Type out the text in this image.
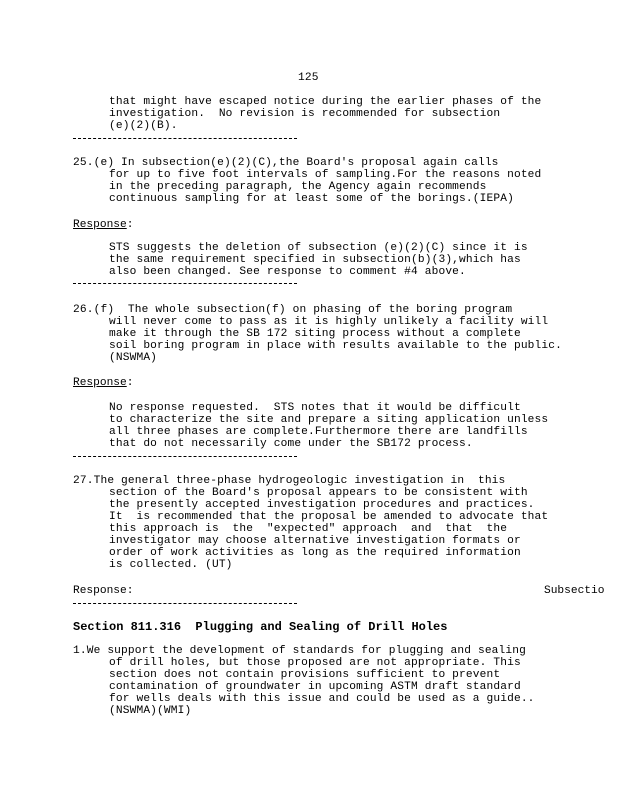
125
that might have escaped notice during the earlier phases of the
investigation.  No revision is recommended for subsection
(e)(2)(B).
25.(e) In subsection(e)(2)(C),the Board's proposal again calls
for up to five foot intervals of sampling.For the reasons noted
in the preceding paragraph, the Agency again recommends
continuous sampling for at least some of the borings.(IEPA)
Response:
STS suggests the deletion of subsection (e)(2)(C) since it is
the same requirement specified in subsection(b)(3),which has
also been changed. See response to comment #4 above.
26.(f)  The whole subsection(f) on phasing of the boring program
will never come to pass as it is highly unlikely a facility will
make it through the SB 172 siting process without a complete
soil boring program in place with results available to the public.
(NSWMA)
Response:
No response requested.  STS notes that it would be difficult
to characterize the site and prepare a siting application unless
all three phases are complete.Furthermore there are landfills
that do not necessarily come under the SB172 process.
27.The general three-phase hydrogeologic investigation in  this
section of the Board's proposal appears to be consistent with
the presently accepted investigation procedures and practices.
It  is recommended that the proposal be amended to advocate that
this approach is  the  "expected" approach  and  that  the
investigator may choose alternative investigation formats or
order of work activities as long as the required information
is collected. (UT)
Response:	Subsectio
Section 811.316  Plugging and Sealing of Drill Holes
1.We support the development of standards for plugging and sealing
of drill holes, but those proposed are not appropriate. This
section does not contain provisions sufficient to prevent
contamination of groundwater in upcoming ASTM draft standard
for wells deals with this issue and could be used as a guide..
(NSWMA)(WMI)
